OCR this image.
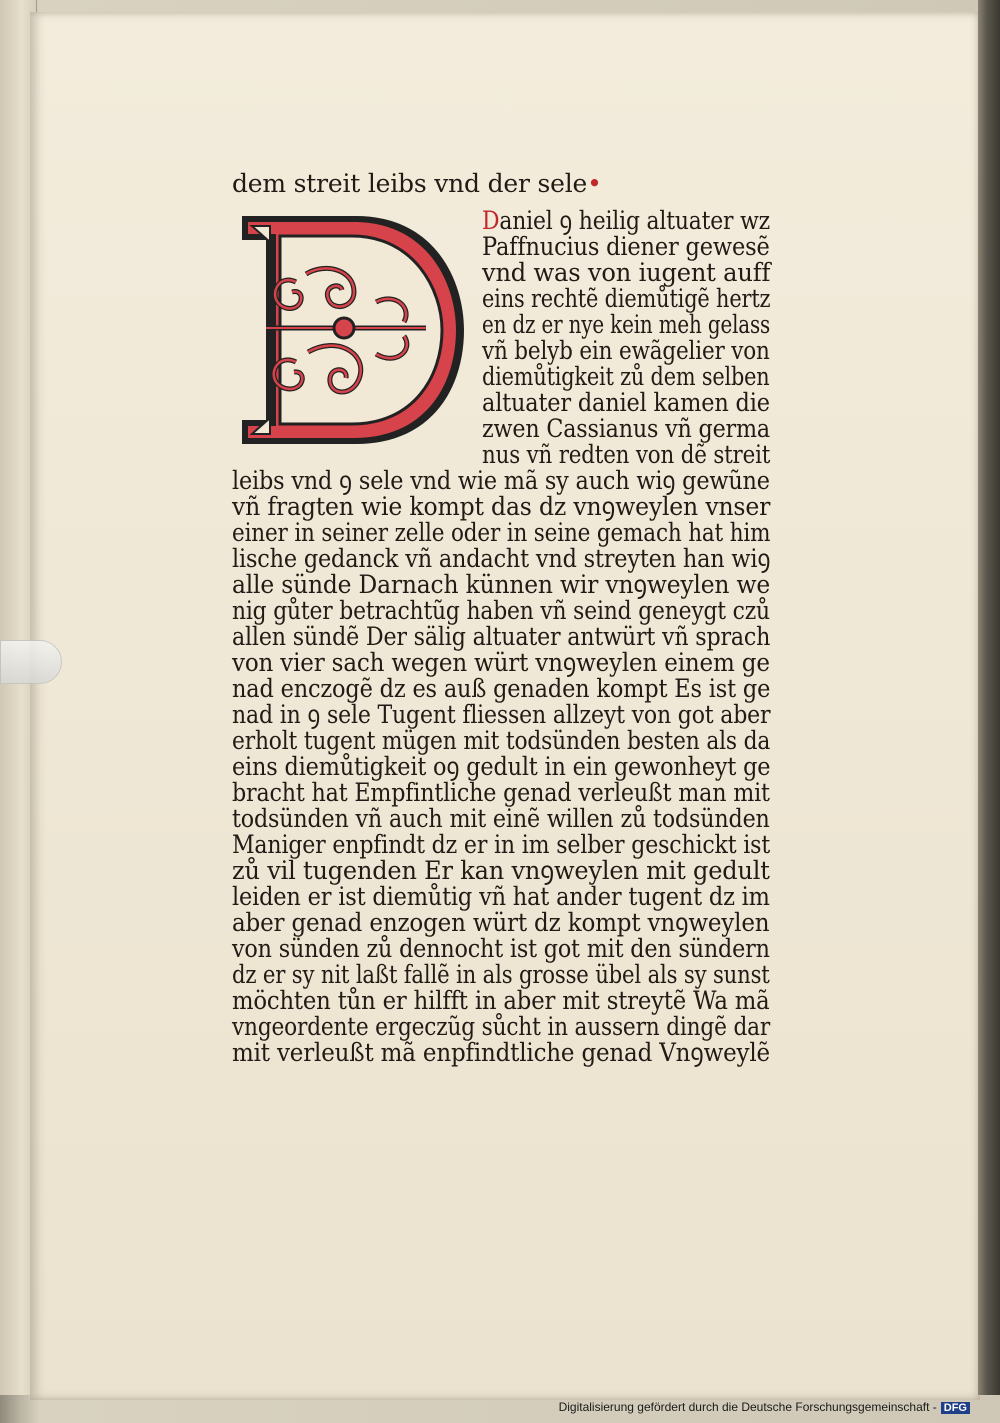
dem streit leibs vnd der sele•
Daniel ꝯ heilig altuater wz
Paffnucius diener gewesẽ
vnd was von iugent auff
eins rechtẽ diemůtigẽ hertz
en dz er nye kein meh gelass
vñ belyb ein ewãgelier von
diemůtigkeit zů dem selben
altuater daniel kamen die
zwen Cassianus vñ germa
nus vñ redten von dẽ streit
leibs vnd ꝯ sele vnd wie mã sy auch wiꝯ gewũne
vñ fragten wie kompt das dz vnꝯweylen vnser
einer in seiner zelle oder in seine gemach hat him
lische gedanck vñ andacht vnd streyten han wiꝯ
alle sünde Darnach künnen wir vnꝯweylen we
nig gůter betrachtũg haben vñ seind geneygt czů
allen sündẽ Der sälig altuater antwürt vñ sprach
von vier sach wegen würt vnꝯweylen einem ge
nad enczogẽ dz es auß genaden kompt Es ist ge
nad in ꝯ sele Tugent fliessen allzeyt von got aber
erholt tugent mügen mit todsünden besten als da
eins diemůtigkeit oꝯ gedult in ein gewonheyt ge
bracht hat Empfintliche genad verleußt man mit
todsünden vñ auch mit einẽ willen zů todsünden
Maniger enpfindt dz er in im selber geschickt ist
zů vil tugenden Er kan vnꝯweylen mit gedult
leiden er ist diemůtig vñ hat ander tugent dz im
aber genad enzogen würt dz kompt vnꝯweylen
von sünden zů dennocht ist got mit den sündern
dz er sy nit laßt fallẽ in als grosse übel als sy sunst
möchten tůn er hilfft in aber mit streytẽ Wa mã
vngeordente ergeczũg sůcht in aussern dingẽ dar
mit verleußt mã enpfindtliche genad Vnꝯweylẽ
Digitalisierung gefördert durch die Deutsche Forschungsgemeinschaft - DFG
